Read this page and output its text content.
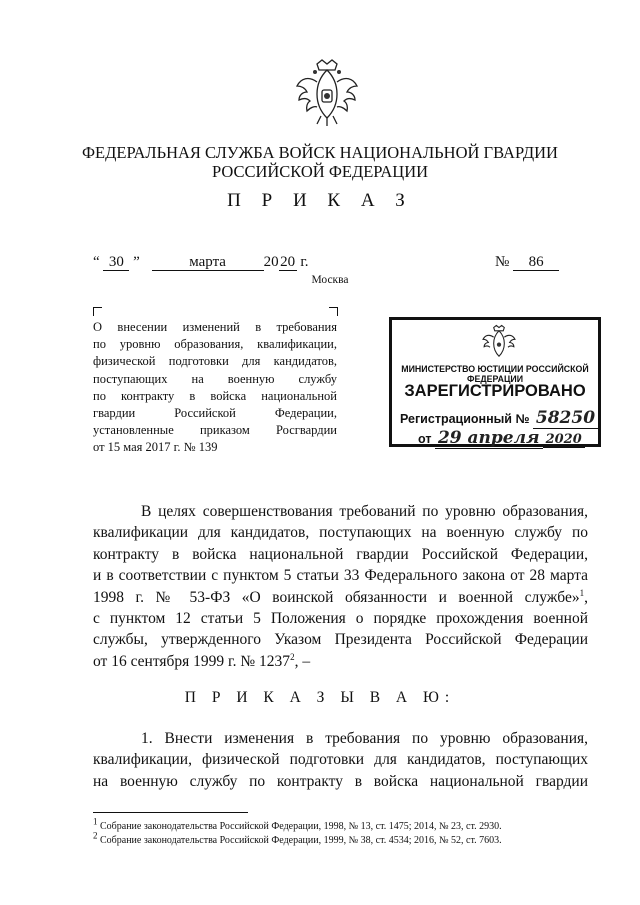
ФЕДЕРАЛЬНАЯ СЛУЖБА ВОЙСК НАЦИОНАЛЬНОЙ ГВАРДИИ
РОССИЙСКОЙ ФЕДЕРАЦИИ
П Р И К А З
“ 30 ”	марта	20 20 г.	№ 86
Москва
О внесении изменений в требования
по уровню образования, квалификации,
физической подготовки для кандидатов,
поступающих на военную службу
по контракту в войска национальной
гвардии Российской Федерации,
установленные приказом Росгвардии
от 15 мая 2017 г. № 139
МИНИСТЕРСТВО ЮСТИЦИИ РОССИЙСКОЙ ФЕДЕРАЦИИ
ЗАРЕГИСТРИРОВАНО
Регистрационный № 58250
от 29 апреля 2020
В целях совершенствования требований по уровню образования,
квалификации для кандидатов, поступающих на военную службу по
контракту в войска национальной гвардии Российской Федерации,
и в соответствии с пунктом 5 статьи 33 Федерального закона от 28 марта
1998 г. № 53-ФЗ «О воинской обязанности и военной службе»$^1$,
с пунктом 12 статьи 5 Положения о порядке прохождения военной
службы, утвержденного Указом Президента Российской Федерации
от 16 сентября 1999 г. № 1237$^2$, –
П Р И К А З Ы В А Ю:
1. Внести изменения в требования по уровню образования,
квалификации, физической подготовки для кандидатов, поступающих
на военную службу по контракту в войска национальной гвардии
$^1$ Собрание законодательства Российской Федерации, 1998, № 13, ст. 1475; 2014, № 23, ст. 2930.
$^2$ Собрание законодательства Российской Федерации, 1999, № 38, ст. 4534; 2016, № 52, ст. 7603.
